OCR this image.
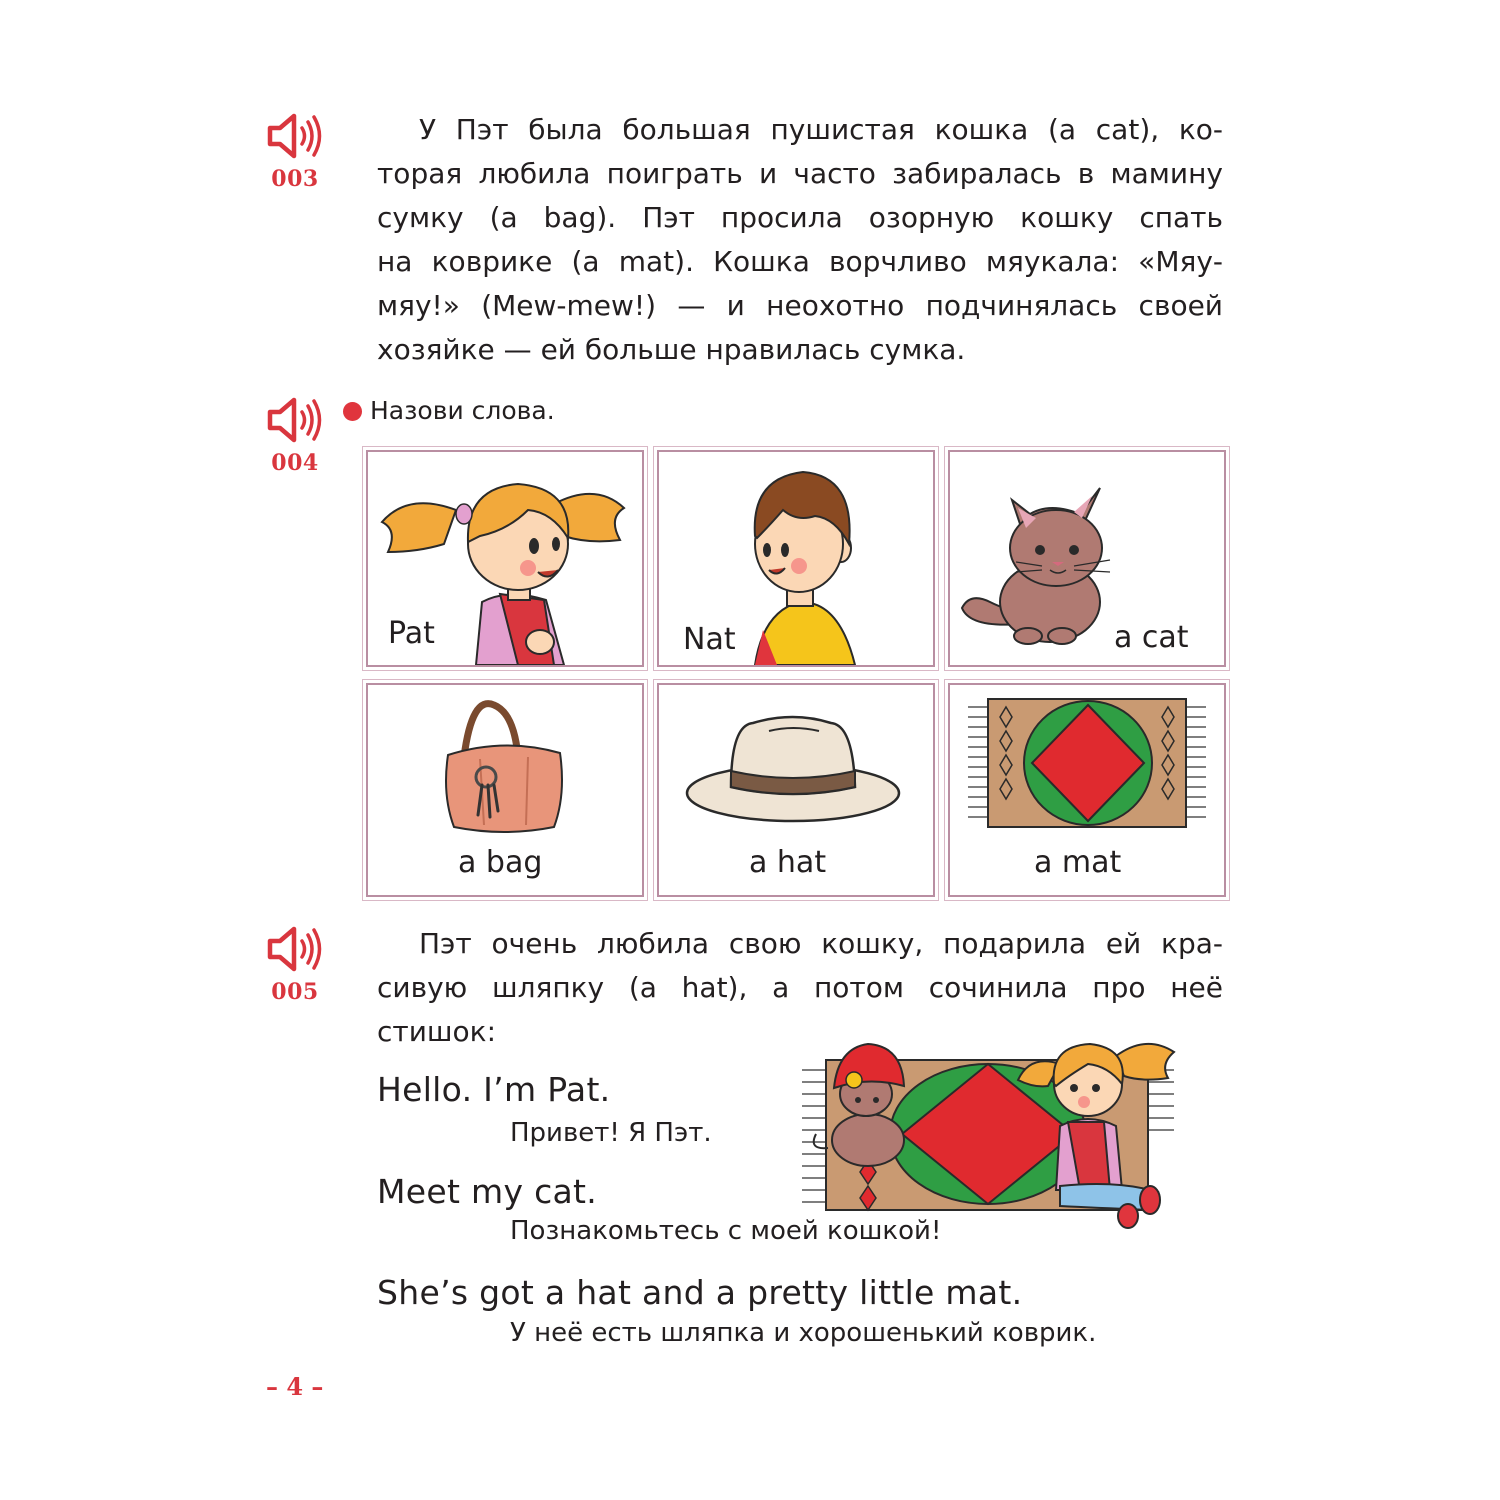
003
004
005
У Пэт была большая пушистая кошка (a cat), ко-
торая любила поиграть и часто забиралась в мамину
сумку (a bag). Пэт просила озорную кошку спать
на коврике (a mat). Кошка ворчливо мяукала: «Мяу-
мяу!» (Mew-mew!) — и неохотно подчинялась своей
хозяйке — ей больше нравилась сумка.
Назови слова.
Pat	Nat	a cat
a bag	a hat	a mat
Пэт очень любила свою кошку, подарила ей кра-
сивую шляпку (a hat), а потом сочинила про неё
стишок:
Hello. I’m Pat.
Привет! Я Пэт.
Meet my cat.
Познакомьтесь с моей кошкой!
She’s got a hat and a pretty little mat.
У неё есть шляпка и хорошенький коврик.
– 4 –
